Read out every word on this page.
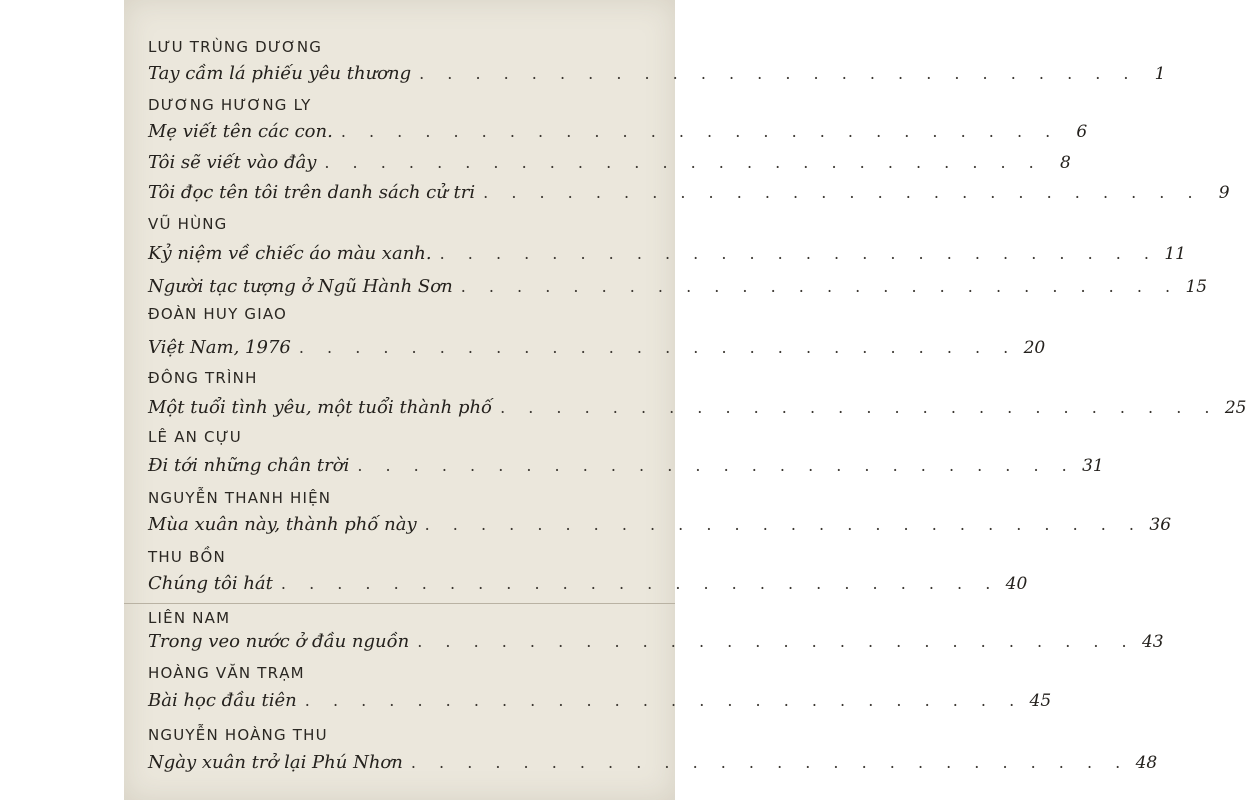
LƯU TRÙNG DƯƠNG
Tay cầm lá phiếu yêu thương . . . . . . . . . . . . . . . . . . . . . . . . . .	1
DƯƠNG HƯƠNG LY
Mẹ viết tên các con. . . . . . . . . . . . . . . . . . . . . . . . . . .	6
Tôi sẽ viết vào đây . . . . . . . . . . . . . . . . . . . . . . . . . .	8
Tôi đọc tên tôi trên danh sách cử tri . . . . . . . . . . . . . . . . . . . . . . . . . .	9
VŨ HÙNG
Kỷ niệm về chiếc áo màu xanh. . . . . . . . . . . . . . . . . . . . . . . . . . . 11
Người tạc tượng ở Ngũ Hành Sơn . . . . . . . . . . . . . . . . . . . . . . . . . . 15
ĐOÀN HUY GIAO
Việt Nam, 1976 . . . . . . . . . . . . . . . . . . . . . . . . . . 20
ĐÔNG TRÌNH
Một tuổi tình yêu, một tuổi thành phố . . . . . . . . . . . . . . . . . . . . . . . . . . 25
LÊ AN CỰU
Đi tới những chân trời . . . . . . . . . . . . . . . . . . . . . . . . . . 31
NGUYỄN THANH HIỆN
Mùa xuân này, thành phố này . . . . . . . . . . . . . . . . . . . . . . . . . . 36
THU BỒN
Chúng tôi hát . . . . . . . . . . . . . . . . . . . . . . . . . . 40
LIÊN NAM
Trong veo nước ở đầu nguồn . . . . . . . . . . . . . . . . . . . . . . . . . . 43
HOÀNG VĂN TRẠM
Bài học đầu tiên . . . . . . . . . . . . . . . . . . . . . . . . . . 45
NGUYỄN HOÀNG THU
Ngày xuân trở lại Phú Nhơn . . . . . . . . . . . . . . . . . . . . . . . . . . 48
